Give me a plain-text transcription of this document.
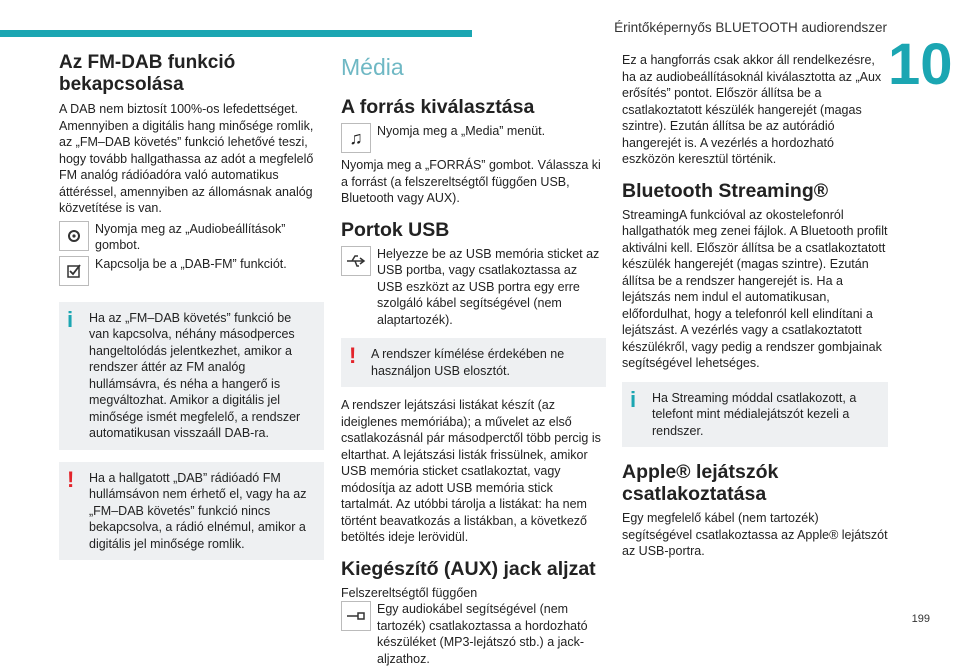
Érintőképernyős BLUETOOTH audiorendszer
10
Az FM-DAB funkció bekapcsolása

A DAB nem biztosít 100%-os lefedettséget. Amennyiben a digitális hang minősége romlik, az „FM–DAB követés” funkció lehetővé teszi, hogy tovább hallgathassa az adót a megfelelő FM analóg rádióadóra való automatikus áttéréssel, amennyiben az állomásnak analóg közvetítése is van.

Nyomja meg az „Audiobeállítások” gombot.

Kapcsolja be a „DAB-FM” funkciót.

i	Ha az „FM–DAB követés” funkció be van kapcsolva, néhány másodperces hangeltolódás jelentkezhet, amikor a rendszer áttér az FM analóg hullámsávra, és néha a hangerő is megváltozhat. Amikor a digitális jel minősége ismét megfelelő, a rendszer automatikusan visszaáll DAB-ra.

!	Ha a hallgatott „DAB” rádióadó FM hullámsávon nem érhető el, vagy ha az „FM–DAB követés” funkció nincs bekapcsolva, a rádió elnémul, amikor a digitális jel minősége romlik.

Média
A forrás kiválasztása
♫ Nyomja meg a „Media” menüt.

Nyomja meg a „FORRÁS” gombot. Válassza ki a forrást (a felszereltségtől függően USB, Bluetooth vagy AUX).

Portok USB

Helyezze be az USB memória sticket az USB portba, vagy csatlakoztassa az USB eszközt az USB portra egy erre szolgáló kábel segítségével (nem alaptartozék).

!	A rendszer kímélése érdekében ne használjon USB elosztót.

A rendszer lejátszási listákat készít (az ideiglenes memóriába); a művelet az első csatlakozásnál pár másodperctől több percig is eltarthat. A lejátszási listák frissülnek, amikor USB memória sticket csatlakoztat, vagy módosítja az adott USB memória stick tartalmát. Az utóbbi tárolja a listákat: ha nem történt beavatkozás a listákban, a következő betöltés ideje lerövidül.

Kiegészítő (AUX) jack aljzat

Felszereltségtől függően

Egy audiokábel segítségével (nem tartozék) csatlakoztassa a hordozható készüléket (MP3-lejátszó stb.) a jack-aljzathoz.

Ez a hangforrás csak akkor áll rendelkezésre, ha az audiobeállításoknál kiválasztotta az „Aux erősítés” pontot. Először állítsa be a csatlakoztatott készülék hangerejét (magas szintre). Ezután állítsa be az autórádió hangerejét is. A vezérlés a hordozható eszközön keresztül történik.

Bluetooth Streaming®

StreamingA funkcióval az okostelefonról hallgathatók meg zenei fájlok. A Bluetooth profilt aktiválni kell. Először állítsa be a csatlakoztatott készülék hangerejét (magas szintre). Ezután állítsa be a rendszer hangerejét is. Ha a lejátszás nem indul el automatikusan, előfordulhat, hogy a telefonról kell elindítani a lejátszást. A vezérlés vagy a csatlakoztatott készülékről, vagy pedig a rendszer gombjainak segítségével lehetséges.

i	Ha Streaming móddal csatlakozott, a telefont mint médialejátszót kezeli a rendszer.

Apple® lejátszók csatlakoztatása

Egy megfelelő kábel (nem tartozék) segítségével csatlakoztassa az Apple® lejátszót az USB-portra.

199
